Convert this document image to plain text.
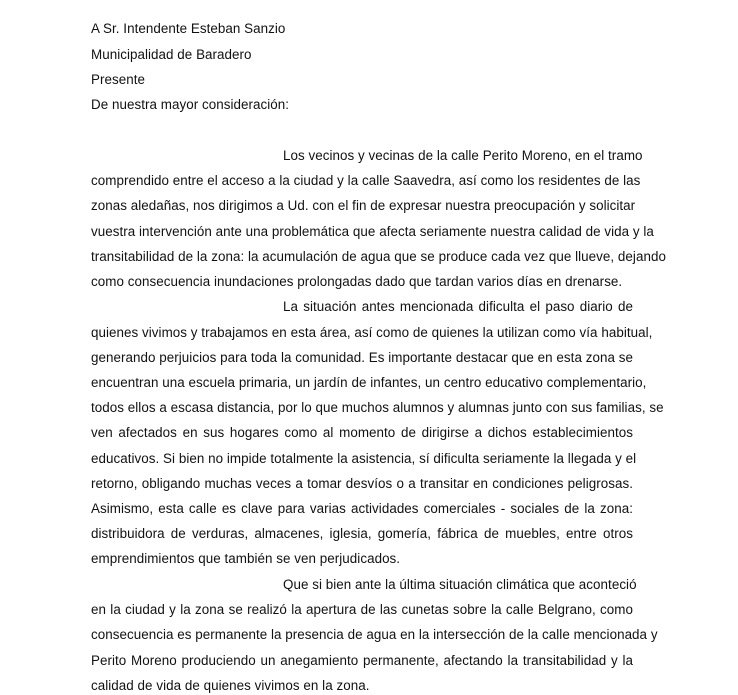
A Sr. Intendente Esteban Sanzio
Municipalidad de Baradero
Presente
De nuestra mayor consideración:
Los vecinos y vecinas de la calle Perito Moreno, en el tramo
comprendido entre el acceso a la ciudad y la calle Saavedra, así como los residentes de las
zonas aledañas, nos dirigimos a Ud. con el fin de expresar nuestra preocupación y solicitar
vuestra intervención ante una problemática que afecta seriamente nuestra calidad de vida y la
transitabilidad de la zona: la acumulación de agua que se produce cada vez que llueve, dejando
como consecuencia inundaciones prolongadas dado que tardan varios días en drenarse.
La situación antes mencionada dificulta el paso diario de
quienes vivimos y trabajamos en esta área, así como de quienes la utilizan como vía habitual,
generando perjuicios para toda la comunidad. Es importante destacar que en esta zona se
encuentran una escuela primaria, un jardín de infantes, un centro educativo complementario,
todos ellos a escasa distancia, por lo que muchos alumnos y alumnas junto con sus familias, se
ven afectados en sus hogares como al momento de dirigirse a dichos establecimientos
educativos. Si bien no impide totalmente la asistencia, sí dificulta seriamente la llegada y el
retorno, obligando muchas veces a tomar desvíos o a transitar en condiciones peligrosas.
Asimismo, esta calle es clave para varias actividades comerciales - sociales de la zona:
distribuidora de verduras, almacenes, iglesia, gomería, fábrica de muebles, entre otros
emprendimientos que también se ven perjudicados.
Que si bien ante la última situación climática que aconteció
en la ciudad y la zona se realizó la apertura de las cunetas sobre la calle Belgrano, como
consecuencia es permanente la presencia de agua en la intersección de la calle mencionada y
Perito Moreno produciendo un anegamiento permanente, afectando la transitabilidad y la
calidad de vida de quienes vivimos en la zona.
